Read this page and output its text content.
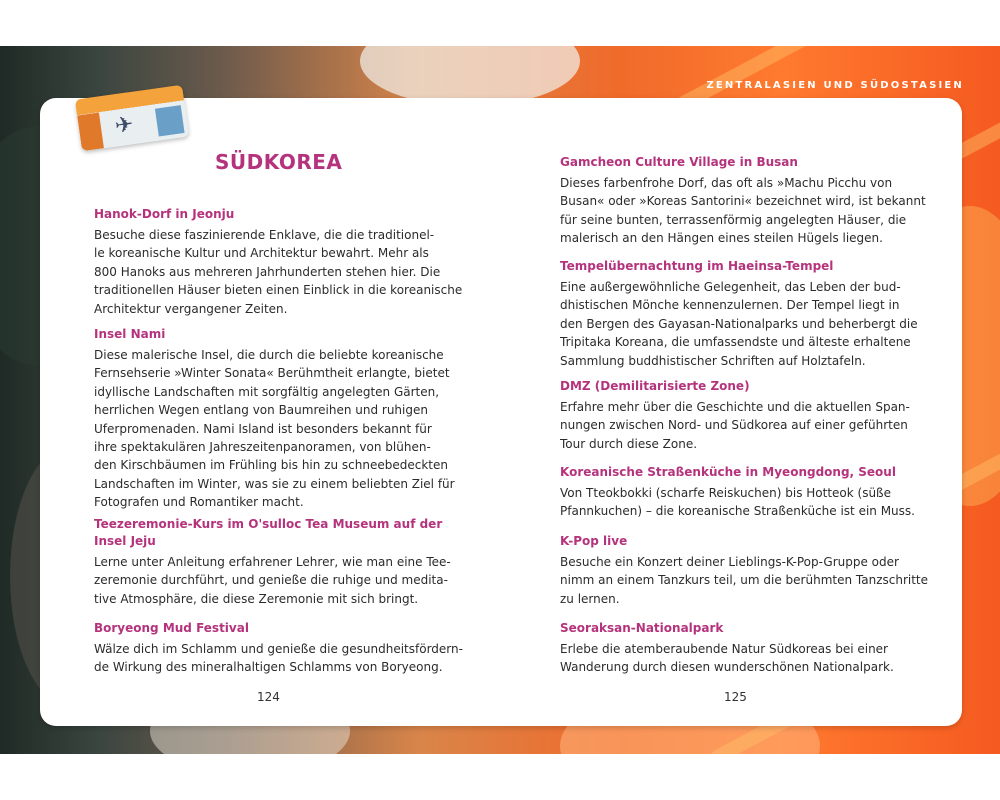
ZENTRALASIEN UND SÜDOSTASIEN
✈
SÜDKOREA
Hanok-Dorf in Jeonju

Besuche diese faszinierende Enklave, die die traditionel-
le koreanische Kultur und Architektur bewahrt. Mehr als
800 Hanoks aus mehreren Jahrhunderten stehen hier. Die
traditionellen Häuser bieten einen Einblick in die koreanische
Architektur vergangener Zeiten.

Insel Nami

Diese malerische Insel, die durch die beliebte koreanische
Fernsehserie »Winter Sonata« Berühmtheit erlangte, bietet
idyllische Landschaften mit sorgfältig angelegten Gärten,
herrlichen Wegen entlang von Baumreihen und ruhigen
Uferpromenaden. Nami Island ist besonders bekannt für
ihre spektakulären Jahreszeitenpanoramen, von blühen-
den Kirschbäumen im Frühling bis hin zu schneebedeckten
Landschaften im Winter, was sie zu einem beliebten Ziel für
Fotografen und Romantiker macht.

Teezeremonie-Kurs im O'sulloc Tea Museum auf der Insel Jeju

Lerne unter Anleitung erfahrener Lehrer, wie man eine Tee-
zeremonie durchführt, und genieße die ruhige und medita-
tive Atmosphäre, die diese Zeremonie mit sich bringt.

Boryeong Mud Festival

Wälze dich im Schlamm und genieße die gesundheitsfördern-
de Wirkung des mineralhaltigen Schlamms von Boryeong.

Gamcheon Culture Village in Busan

Dieses farbenfrohe Dorf, das oft als »Machu Picchu von
Busan« oder »Koreas Santorini« bezeichnet wird, ist bekannt
für seine bunten, terrassenförmig angelegten Häuser, die
malerisch an den Hängen eines steilen Hügels liegen.

Tempelübernachtung im Haeinsa-Tempel

Eine außergewöhnliche Gelegenheit, das Leben der bud-
dhistischen Mönche kennenzulernen. Der Tempel liegt in
den Bergen des Gayasan-Nationalparks und beherbergt die
Tripitaka Koreana, die umfassendste und älteste erhaltene
Sammlung buddhistischer Schriften auf Holztafeln.

DMZ (Demilitarisierte Zone)

Erfahre mehr über die Geschichte und die aktuellen Span-
nungen zwischen Nord- und Südkorea auf einer geführten
Tour durch diese Zone.

Koreanische Straßenküche in Myeongdong, Seoul

Von Tteokbokki (scharfe Reiskuchen) bis Hotteok (süße
Pfannkuchen) – die koreanische Straßenküche ist ein Muss.

K-Pop live

Besuche ein Konzert deiner Lieblings-K-Pop-Gruppe oder
nimm an einem Tanzkurs teil, um die berühmten Tanzschritte
zu lernen.

Seoraksan-Nationalpark

Erlebe die atemberaubende Natur Südkoreas bei einer
Wanderung durch diesen wunderschönen Nationalpark.

124	125
